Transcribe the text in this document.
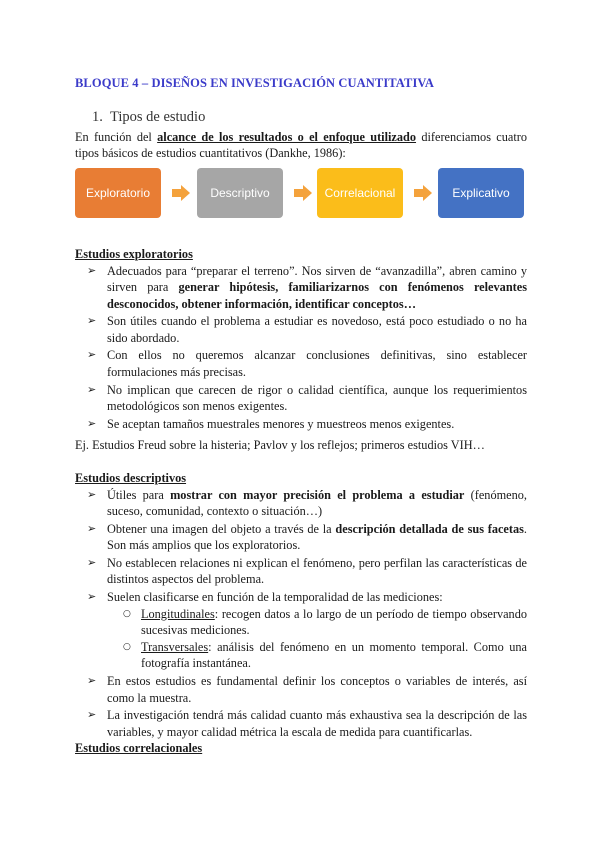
BLOQUE 4 – DISEÑOS EN INVESTIGACIÓN CUANTITATIVA
1. Tipos de estudio
En función del alcance de los resultados o el enfoque utilizado diferenciamos cuatro tipos básicos de estudios cuantitativos (Dankhe, 1986):
Exploratorio	Descriptivo	Correlacional	Explicativo
Estudios exploratorios
➢ Adecuados para “preparar el terreno”. Nos sirven de “avanzadilla”, abren camino y sirven para generar hipótesis, familiarizarnos con fenómenos relevantes desconocidos, obtener información, identificar conceptos…
➢ Son útiles cuando el problema a estudiar es novedoso, está poco estudiado o no ha sido abordado.
➢ Con ellos no queremos alcanzar conclusiones definitivas, sino establecer formulaciones más precisas.
➢ No implican que carecen de rigor o calidad científica, aunque los requerimientos metodológicos son menos exigentes.
➢ Se aceptan tamaños muestrales menores y muestreos menos exigentes.
Ej. Estudios Freud sobre la histeria; Pavlov y los reflejos; primeros estudios VIH…
Estudios descriptivos
➢ Útiles para mostrar con mayor precisión el problema a estudiar (fenómeno, suceso, comunidad, contexto o situación…)
➢ Obtener una imagen del objeto a través de la descripción detallada de sus facetas. Son más amplios que los exploratorios.
➢ No establecen relaciones ni explican el fenómeno, pero perfilan las características de distintos aspectos del problema.
➢ Suelen clasificarse en función de la temporalidad de las mediciones:
○ Longitudinales: recogen datos a lo largo de un período de tiempo observando sucesivas mediciones.
○ Transversales: análisis del fenómeno en un momento temporal. Como una fotografía instantánea.
➢ En estos estudios es fundamental definir los conceptos o variables de interés, así como la muestra.
➢ La investigación tendrá más calidad cuanto más exhaustiva sea la descripción de las variables, y mayor calidad métrica la escala de medida para cuantificarlas.
Estudios correlacionales
